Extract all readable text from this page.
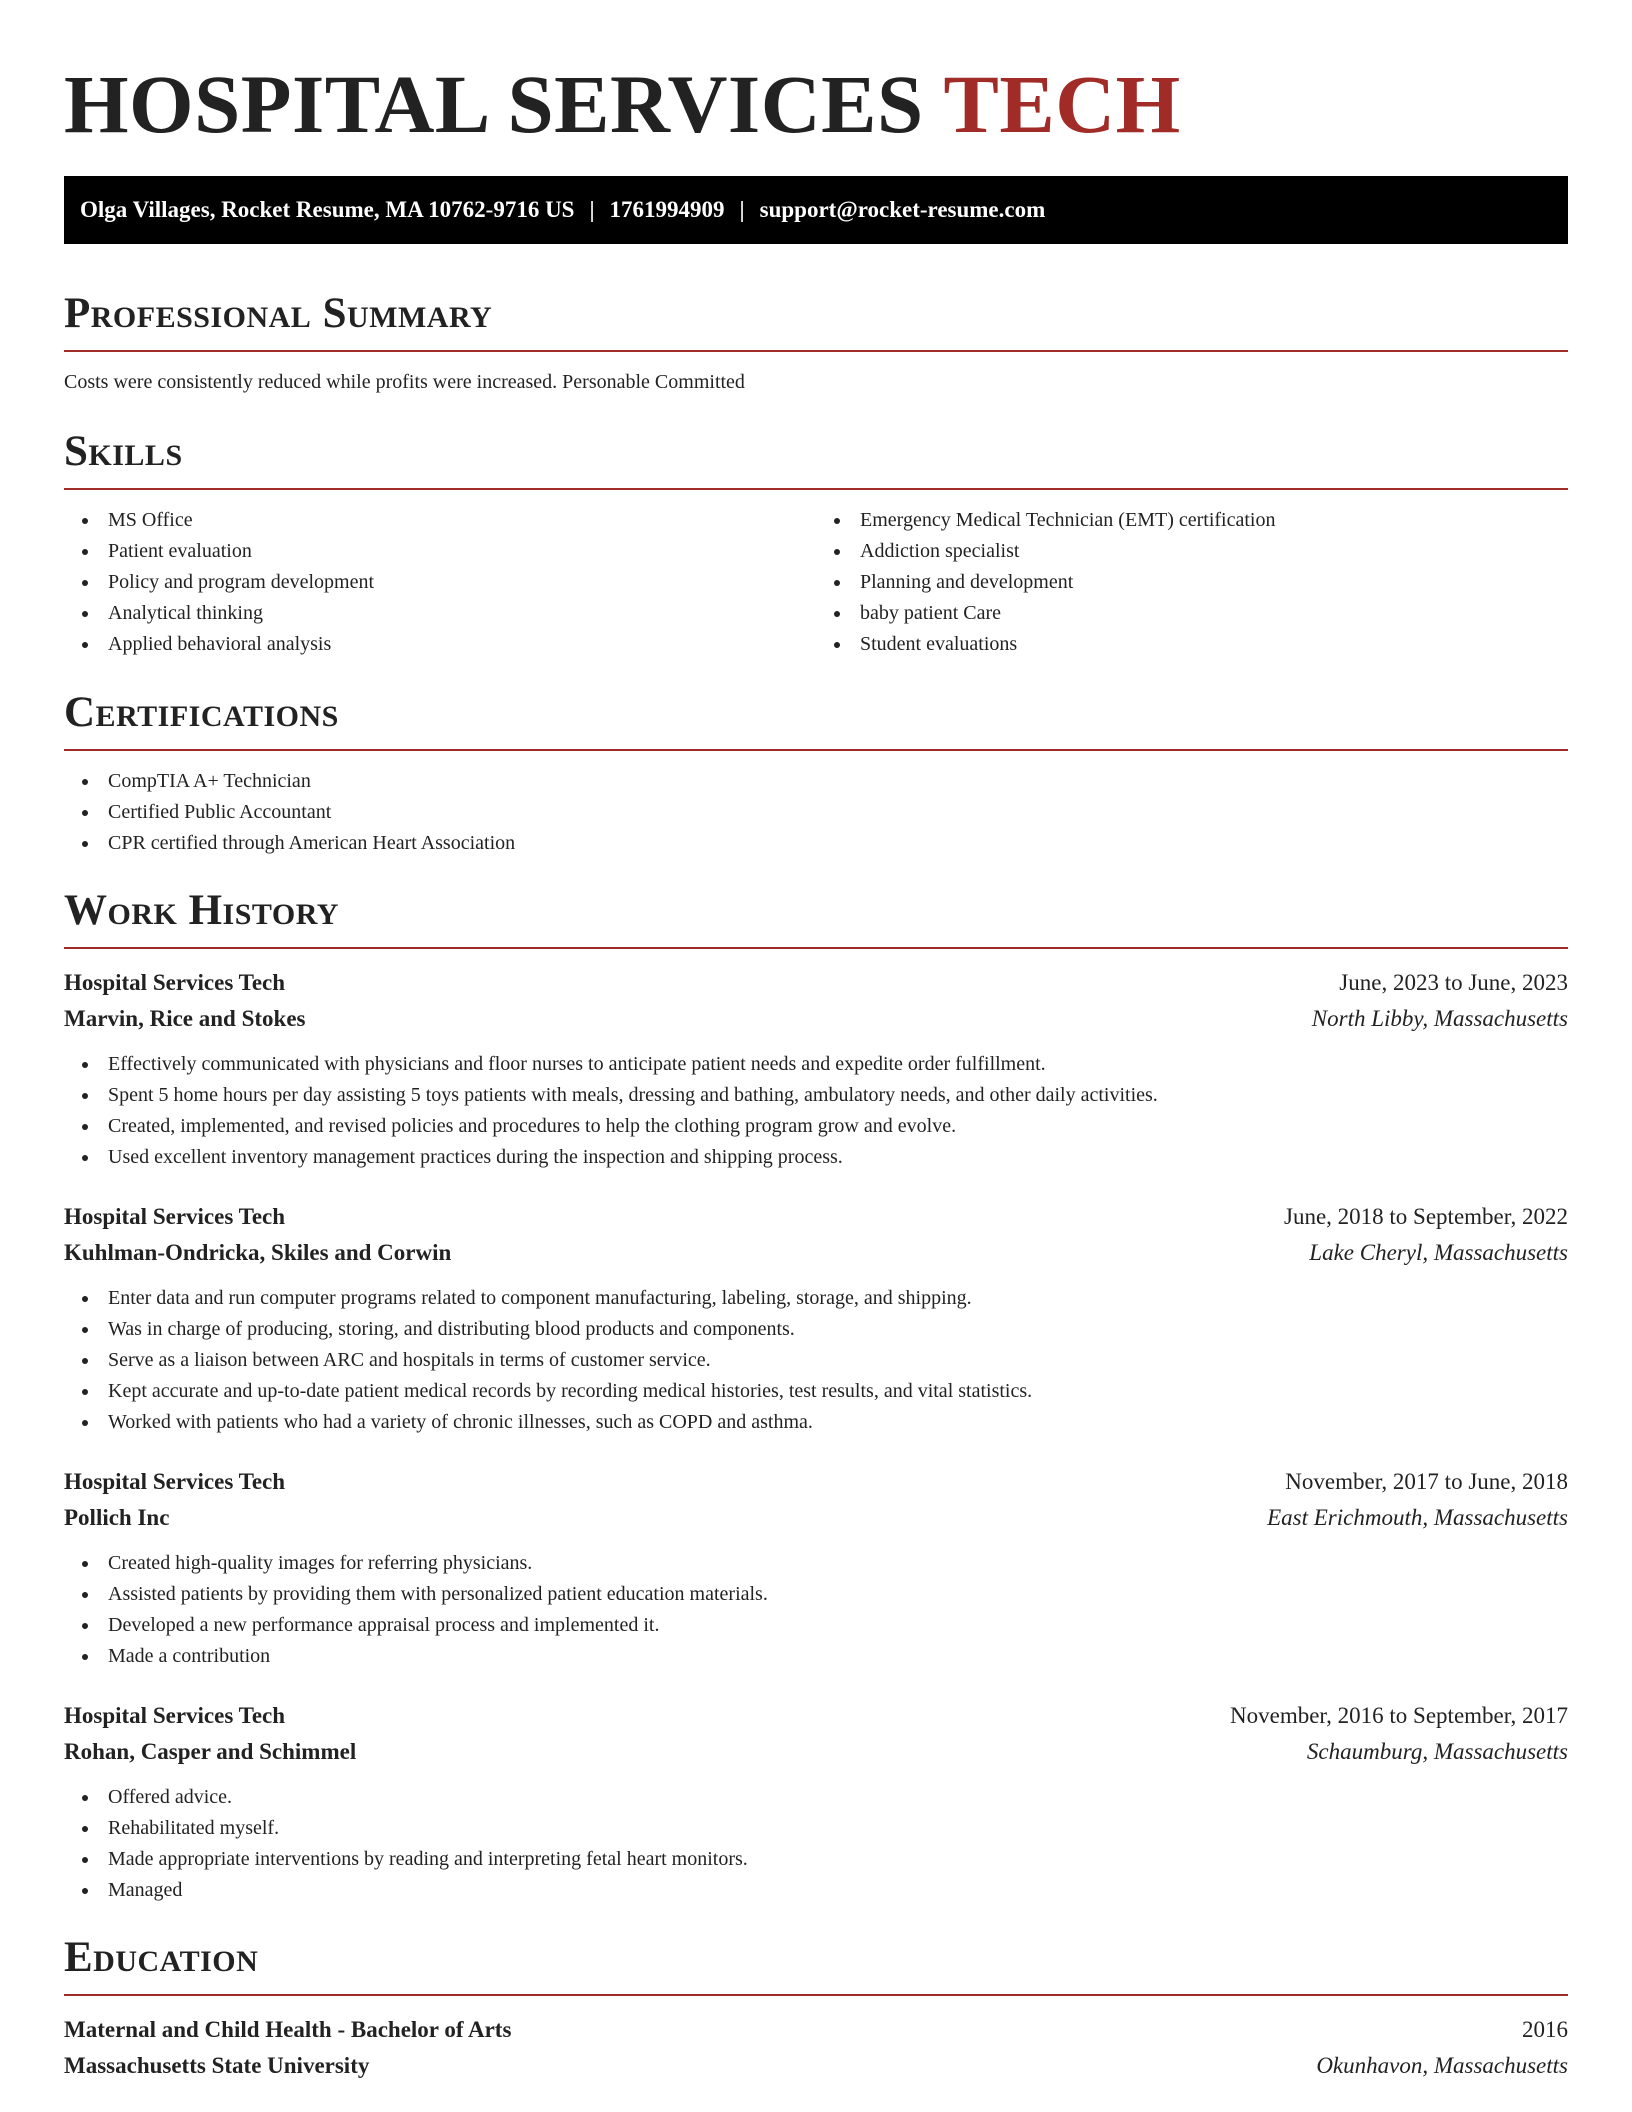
HOSPITAL SERVICES TECH
Olga Villages, Rocket Resume, MA 10762-9716 US | 1761994909 | support@rocket-resume.com
Professional Summary
Costs were consistently reduced while profits were increased. Personable Committed
Skills
MS Office
Patient evaluation
Policy and program development
Analytical thinking
Applied behavioral analysis
Emergency Medical Technician (EMT) certification
Addiction specialist
Planning and development
baby patient Care
Student evaluations
Certifications
CompTIA A+ Technician
Certified Public Accountant
CPR certified through American Heart Association
Work History
Hospital Services Tech	June, 2023 to June, 2023
Marvin, Rice and Stokes	North Libby, Massachusetts
Effectively communicated with physicians and floor nurses to anticipate patient needs and expedite order fulfillment.
Spent 5 home hours per day assisting 5 toys patients with meals, dressing and bathing, ambulatory needs, and other daily activities.
Created, implemented, and revised policies and procedures to help the clothing program grow and evolve.
Used excellent inventory management practices during the inspection and shipping process.
Hospital Services Tech	June, 2018 to September, 2022
Kuhlman-Ondricka, Skiles and Corwin	Lake Cheryl, Massachusetts
Enter data and run computer programs related to component manufacturing, labeling, storage, and shipping.
Was in charge of producing, storing, and distributing blood products and components.
Serve as a liaison between ARC and hospitals in terms of customer service.
Kept accurate and up-to-date patient medical records by recording medical histories, test results, and vital statistics.
Worked with patients who had a variety of chronic illnesses, such as COPD and asthma.
Hospital Services Tech	November, 2017 to June, 2018
Pollich Inc	East Erichmouth, Massachusetts
Created high-quality images for referring physicians.
Assisted patients by providing them with personalized patient education materials.
Developed a new performance appraisal process and implemented it.
Made a contribution
Hospital Services Tech	November, 2016 to September, 2017
Rohan, Casper and Schimmel	Schaumburg, Massachusetts
Offered advice.
Rehabilitated myself.
Made appropriate interventions by reading and interpreting fetal heart monitors.
Managed
Education
Maternal and Child Health - Bachelor of Arts	2016
Massachusetts State University	Okunhavon, Massachusetts
